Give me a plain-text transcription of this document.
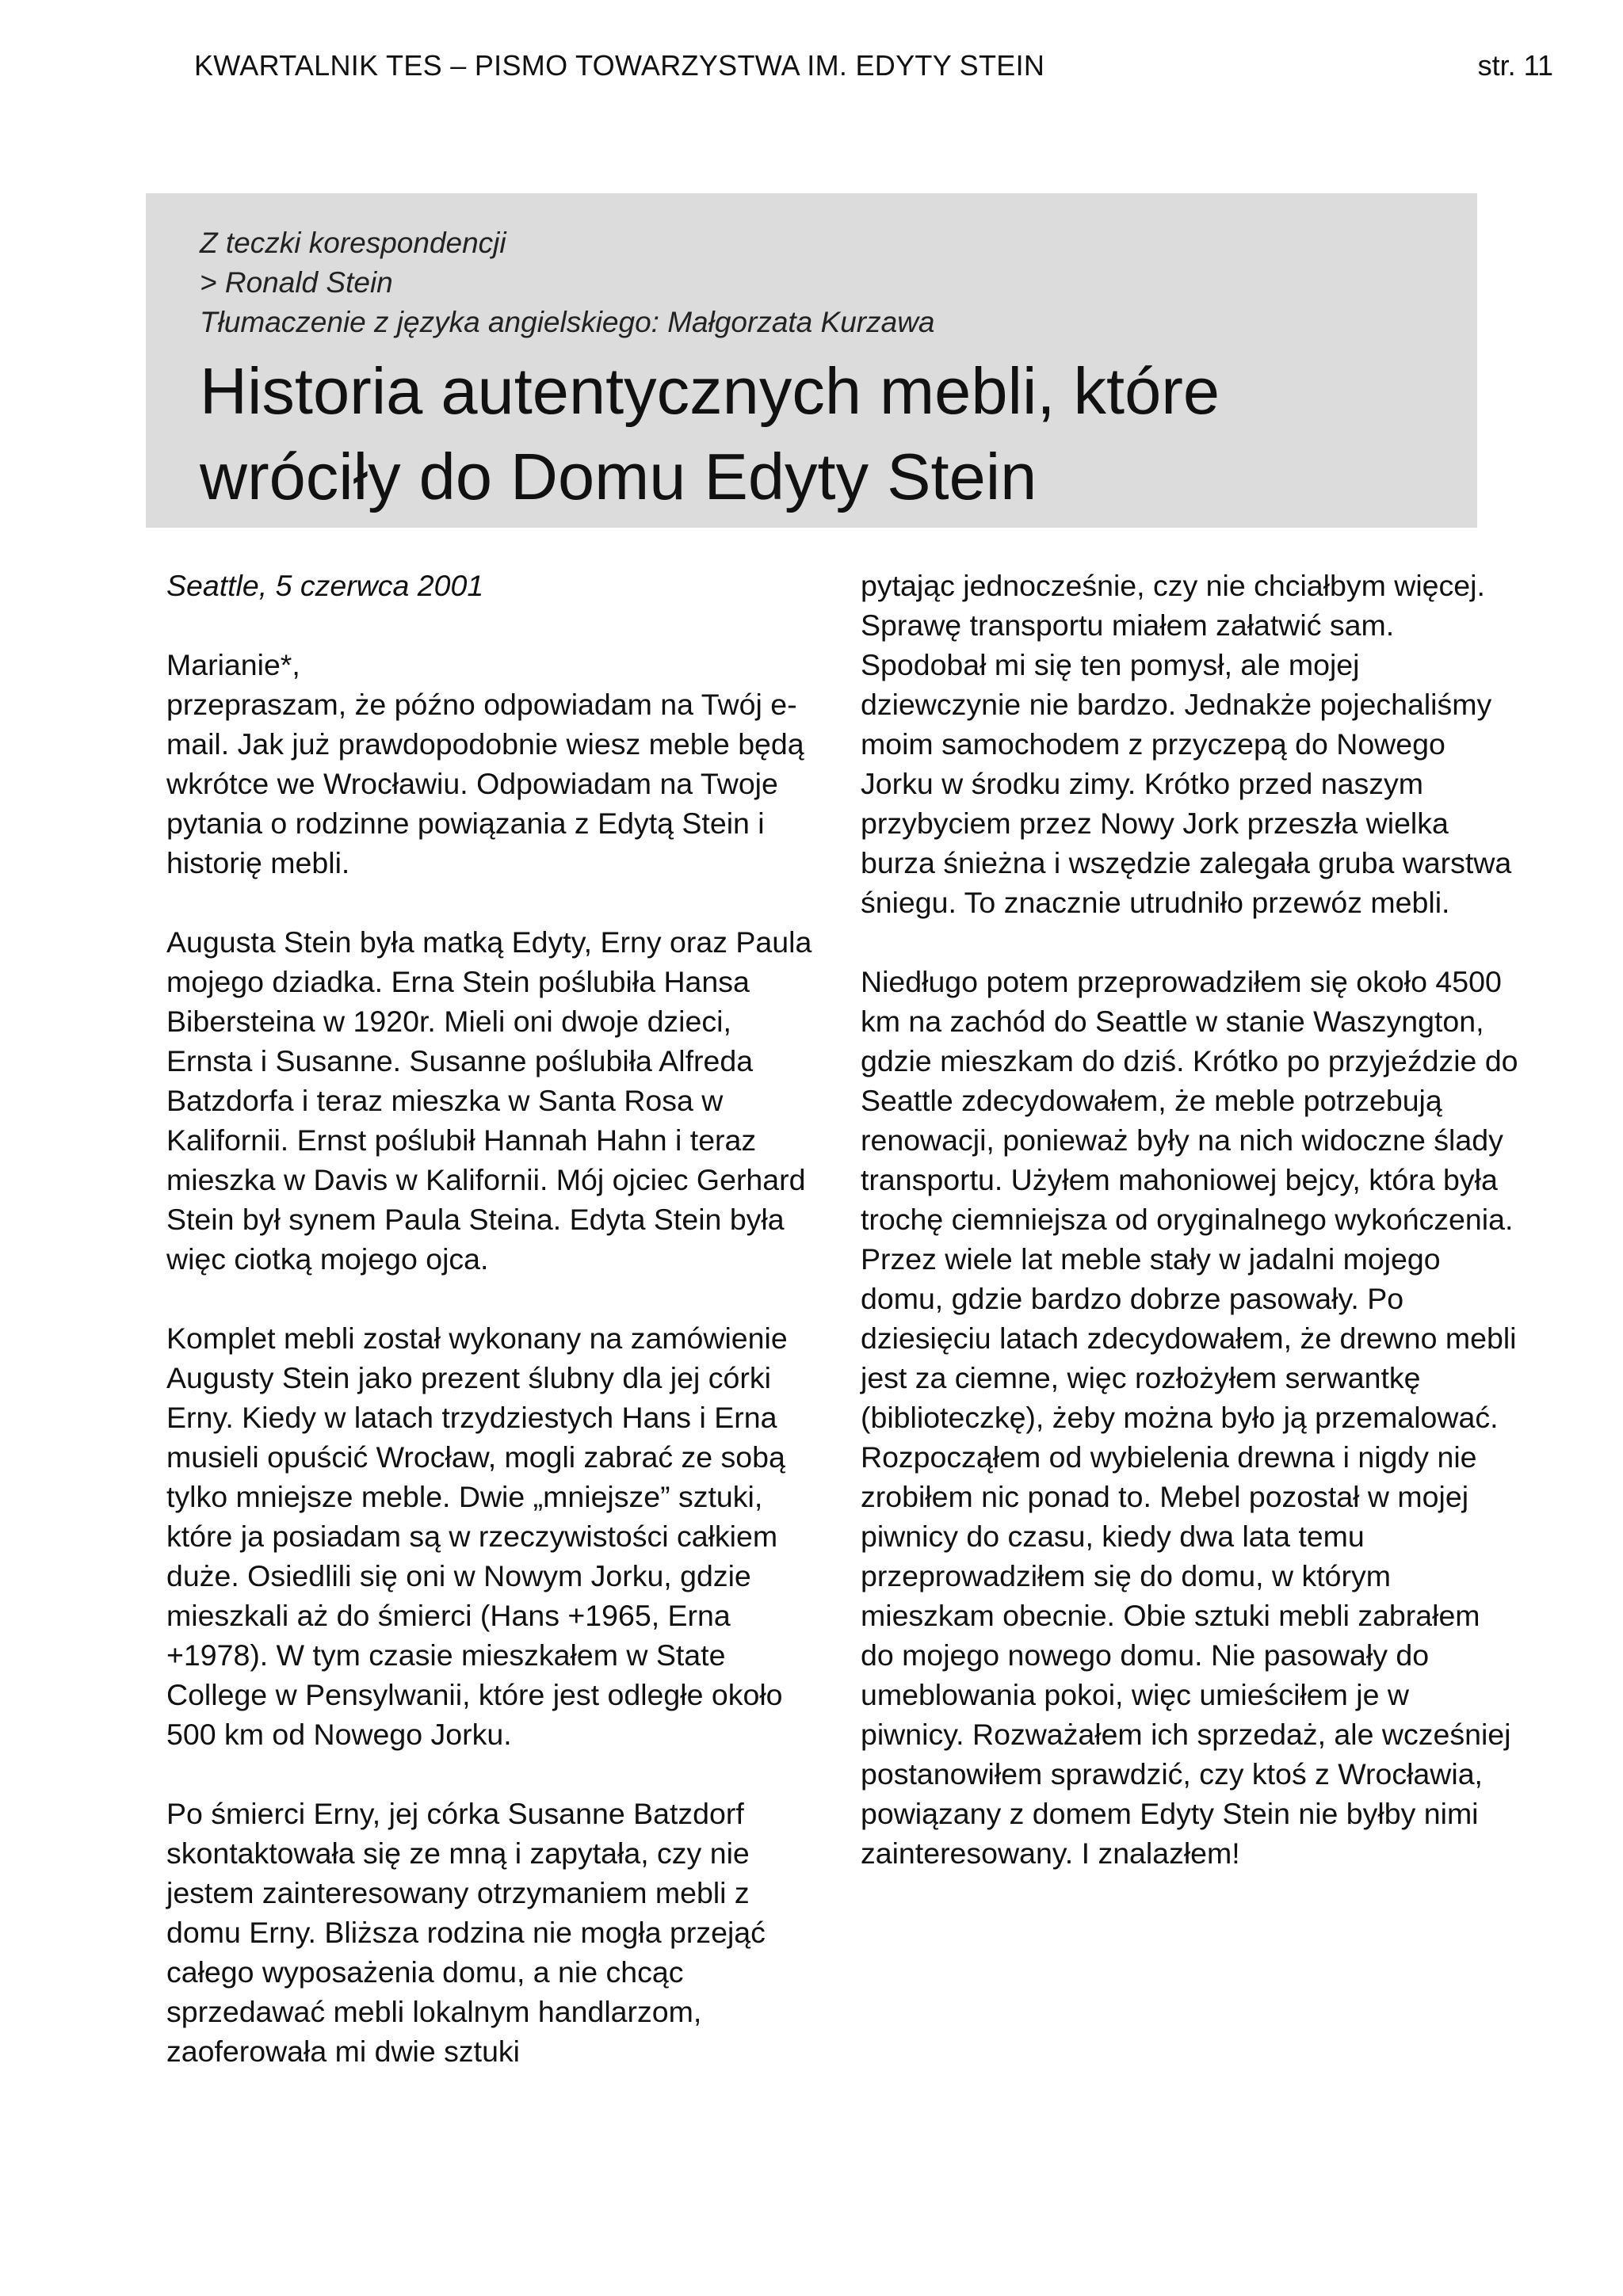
KWARTALNIK TES – PISMO TOWARZYSTWA IM. EDYTY STEIN	str. 11
Z teczki korespondencji
> Ronald Stein
Tłumaczenie z języka angielskiego: Małgorzata Kurzawa
Historia autentycznych mebli, które
wróciły do Domu Edyty Stein
Seattle, 5 czerwca 2001
Marianie*,

przepraszam, że późno odpowiadam na Twój e-mail. Jak już prawdopodobnie wiesz meble będą wkrótce we Wrocławiu. Odpowiadam na Twoje pytania o rodzinne powiązania z Edytą Stein i historię mebli.

Augusta Stein była matką Edyty, Erny oraz Paula mojego dziadka. Erna Stein poślubiła Hansa Bibersteina w 1920r. Mieli oni dwoje dzieci, Ernsta i Susanne. Susanne poślubiła Alfreda Batzdorfa i teraz mieszka w Santa Rosa w Kalifornii. Ernst poślubił Hannah Hahn i teraz mieszka w Davis w Kalifornii. Mój ojciec Gerhard Stein był synem Paula Steina. Edyta Stein była więc ciotką mojego ojca.

Komplet mebli został wykonany na zamówienie Augusty Stein jako prezent ślubny dla jej córki Erny. Kiedy w latach trzydziestych Hans i Erna musieli opuścić Wrocław, mogli zabrać ze sobą tylko mniejsze meble. Dwie „mniejsze” sztuki, które ja posiadam są w rzeczywistości całkiem duże. Osiedlili się oni w Nowym Jorku, gdzie mieszkali aż do śmierci (Hans +1965, Erna +1978). W tym czasie mieszkałem w State College w Pensylwanii, które jest odległe około 500 km od Nowego Jorku.

Po śmierci Erny, jej córka Susanne Batzdorf skontaktowała się ze mną i zapytała, czy nie jestem zainteresowany otrzymaniem mebli z domu Erny. Bliższa rodzina nie mogła przejąć całego wyposażenia domu, a nie chcąc sprzedawać mebli lokalnym handlarzom, zaoferowała mi dwie sztuki

pytając jednocześnie, czy nie chciałbym więcej. Sprawę transportu miałem załatwić sam. Spodobał mi się ten pomysł, ale mojej dziewczynie nie bardzo. Jednakże pojechaliśmy moim samochodem z przyczepą do Nowego Jorku w środku zimy. Krótko przed naszym przybyciem przez Nowy Jork przeszła wielka burza śnieżna i wszędzie zalegała gruba warstwa śniegu. To znacznie utrudniło przewóz mebli.

Niedługo potem przeprowadziłem się około 4500 km na zachód do Seattle w stanie Waszyngton, gdzie mieszkam do dziś. Krótko po przyjeździe do Seattle zdecydowałem, że meble potrzebują renowacji, ponieważ były na nich widoczne ślady transportu. Użyłem mahoniowej bejcy, która była trochę ciemniejsza od oryginalnego wykończenia. Przez wiele lat meble stały w jadalni mojego domu, gdzie bardzo dobrze pasowały. Po dziesięciu latach zdecydowałem, że drewno mebli jest za ciemne, więc rozłożyłem serwantkę (biblioteczkę), żeby można było ją przemalować. Rozpocząłem od wybielenia drewna i nigdy nie zrobiłem nic ponad to. Mebel pozostał w mojej piwnicy do czasu, kiedy dwa lata temu przeprowadziłem się do domu, w którym mieszkam obecnie. Obie sztuki mebli zabrałem do mojego nowego domu. Nie pasowały do umeblowania pokoi, więc umieściłem je w piwnicy. Rozważałem ich sprzedaż, ale wcześniej postanowiłem sprawdzić, czy ktoś z Wrocławia, powiązany z domem Edyty Stein nie byłby nimi zainteresowany. I znalazłem!
